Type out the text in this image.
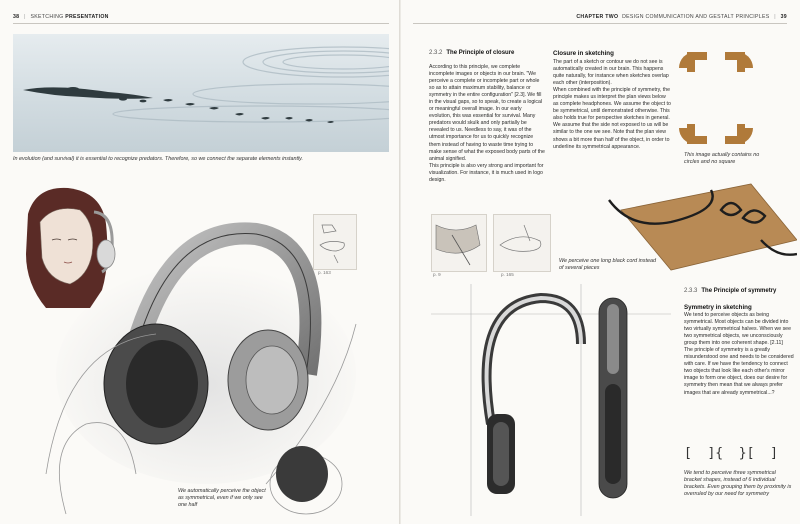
38 | SKETCHING PRESENTATION
In evolution (and survival) it is essential to recognize predators. Therefore, so we connect the separate elements instantly.
p. 163
We automatically perceive the object as symmetrical, even if we only see one half
CHAPTER TWO DESIGN COMMUNICATION AND GESTALT PRINCIPLES | 39
2.3.2 The Principle of closure

According to this principle, we complete incomplete images or objects in our brain. "We perceive a complete or incomplete part or whole so as to attain maximum stability, balance or symmetry in the entire configuration" [2.3]. We fill in the visual gaps, so to speak, to create a logical or meaningful overall image. In our early evolution, this was essential for survival. Many predators would skulk and only partially be revealed to us. Needless to say, it was of the utmost importance for us to quickly recognize them instead of having to waste time trying to make sense of what the exposed body parts of the animal signified.

This principle is also very strong and important for visualization. For instance, it is much used in logo design.

Closure in sketching

The part of a sketch or contour we do not see is automatically created in our brain. This happens quite naturally, for instance when sketches overlap each other (interposition).

When combined with the principle of symmetry, the principle makes us interpret the plan views below as complete headphones. We assume the object to be symmetrical, until demonstrated otherwise. This also holds true for perspective sketches in general. We assume that the side not exposed to us will be similar to the one we see. Note that the plan view shows a bit more than half of the object, in order to underline its symmetrical appearance.

This image actually contains no circles and no square
p. 9	p. 165
We perceive one long black cord instead of several pieces
2.3.3 The Principle of symmetry
Symmetry in sketching

We tend to perceive objects as being symmetrical. Most objects can be divided into two virtually symmetrical halves. When we see two symmetrical objects, we unconsciously group them into one coherent shape. [2.11]

The principle of symmetry is a greatly misunderstood one and needs to be considered with care. If we have the tendency to connect two objects that look like each other's mirror image to form one object, does our desire for symmetry then mean that we always prefer images that are already symmetrical...?

[  ]{  }[  ]
We tend to perceive three symmetrical bracket shapes, instead of 6 individual brackets. Even grouping them by proximity is overruled by our need for symmetry
